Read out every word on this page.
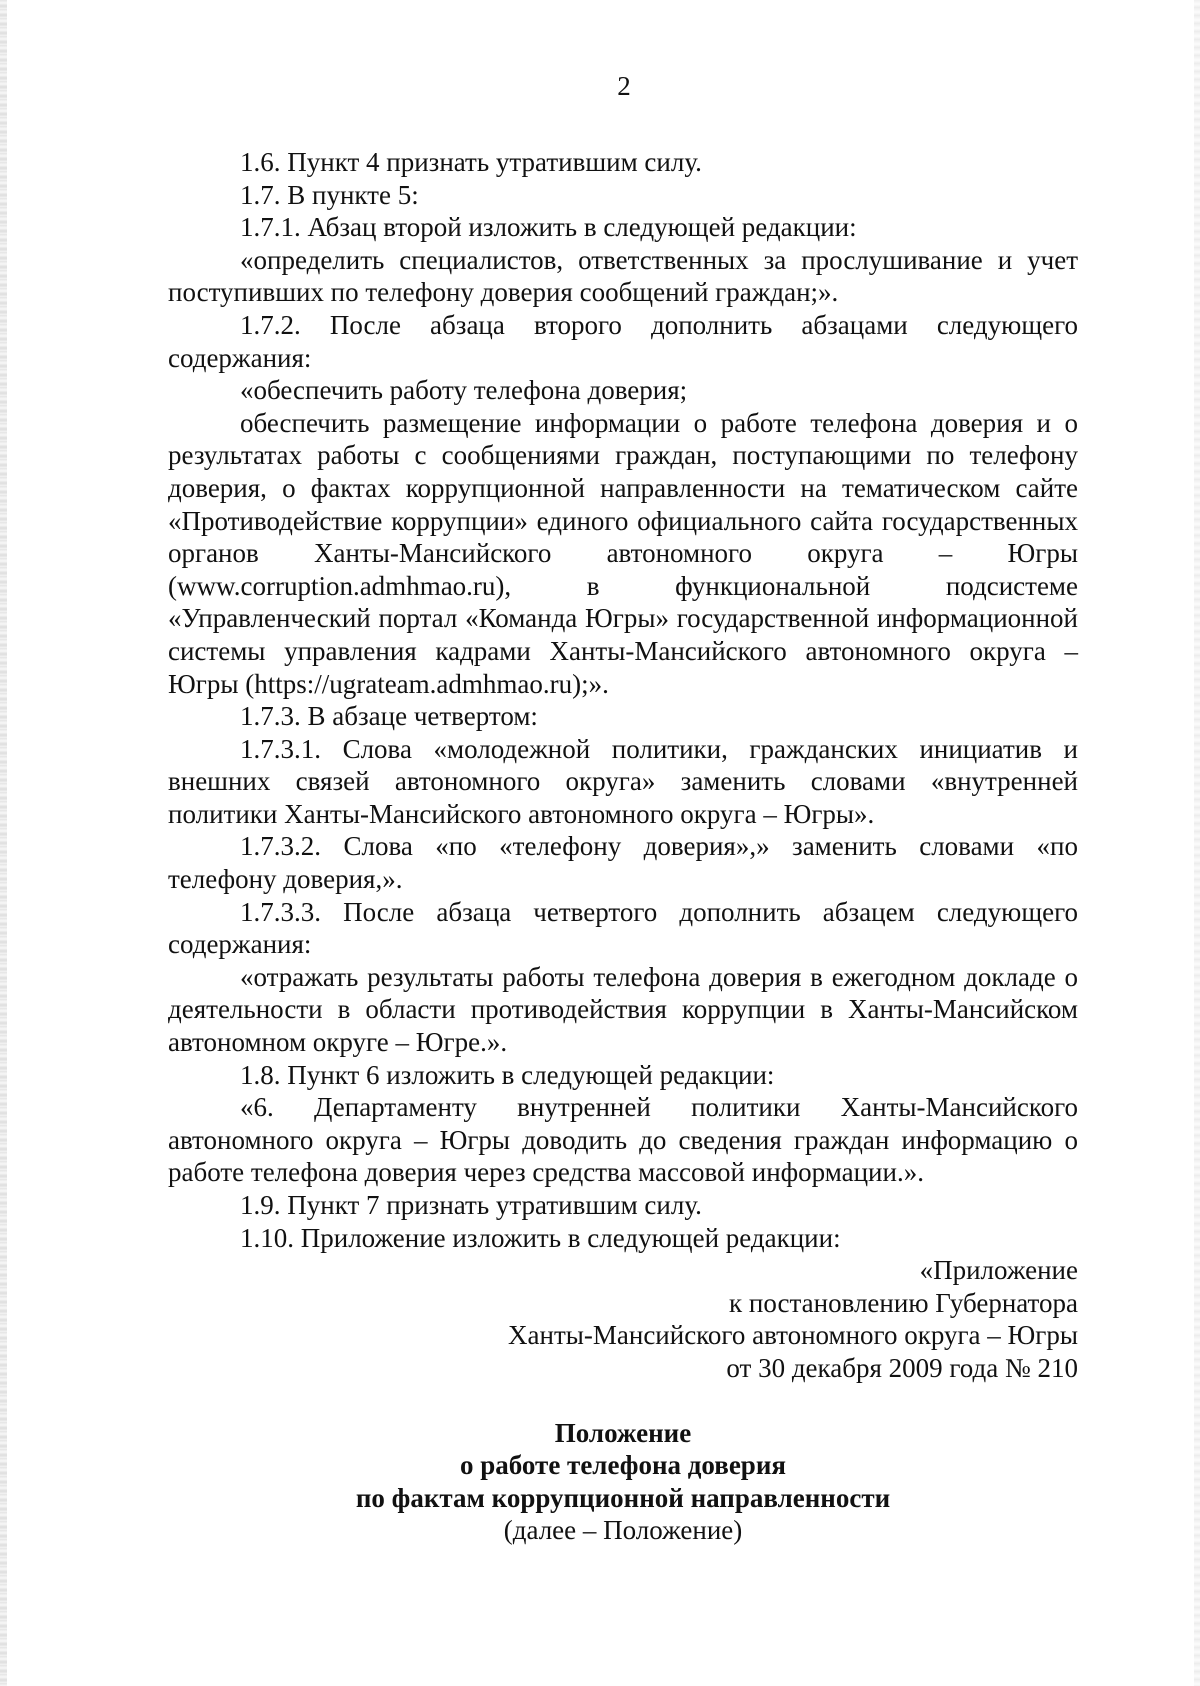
2

1.6. Пункт 4 признать утратившим силу.

1.7. В пункте 5:

1.7.1. Абзац второй изложить в следующей редакции:

«определить специалистов, ответственных за прослушивание и учет поступивших по телефону доверия сообщений граждан;».

1.7.2. После абзаца второго дополнить абзацами следующего содержания:

«обеспечить работу телефона доверия;

обеспечить размещение информации о работе телефона доверия и о результатах работы с сообщениями граждан, поступающими по телефону доверия, о фактах коррупционной направленности на тематическом сайте «Противодействие коррупции» единого официального сайта государственных органов Ханты-Мансийского автономного округа – Югры (www.corruption.admhmao.ru), в функциональной подсистеме «Управленческий портал «Команда Югры» государственной информационной системы управления кадрами Ханты-Мансийского автономного округа – Югры (https://ugrateam.admhmao.ru);».

1.7.3. В абзаце четвертом:

1.7.3.1. Слова «молодежной политики, гражданских инициатив и внешних связей автономного округа» заменить словами «внутренней политики Ханты-Мансийского автономного округа – Югры».

1.7.3.2. Слова «по «телефону доверия»,» заменить словами «по телефону доверия,».

1.7.3.3. После абзаца четвертого дополнить абзацем следующего содержания:

«отражать результаты работы телефона доверия в ежегодном докладе о деятельности в области противодействия коррупции в Ханты-Мансийском автономном округе – Югре.».

1.8. Пункт 6 изложить в следующей редакции:

«6. Департаменту внутренней политики Ханты-Мансийского автономного округа – Югры доводить до сведения граждан информацию о работе телефона доверия через средства массовой информации.».

1.9. Пункт 7 признать утратившим силу.

1.10. Приложение изложить в следующей редакции:

«Приложение

к постановлению Губернатора

Ханты-Мансийского автономного округа – Югры

от 30 декабря 2009 года № 210

Положение

о работе телефона доверия

по фактам коррупционной направленности

(далее – Положение)
